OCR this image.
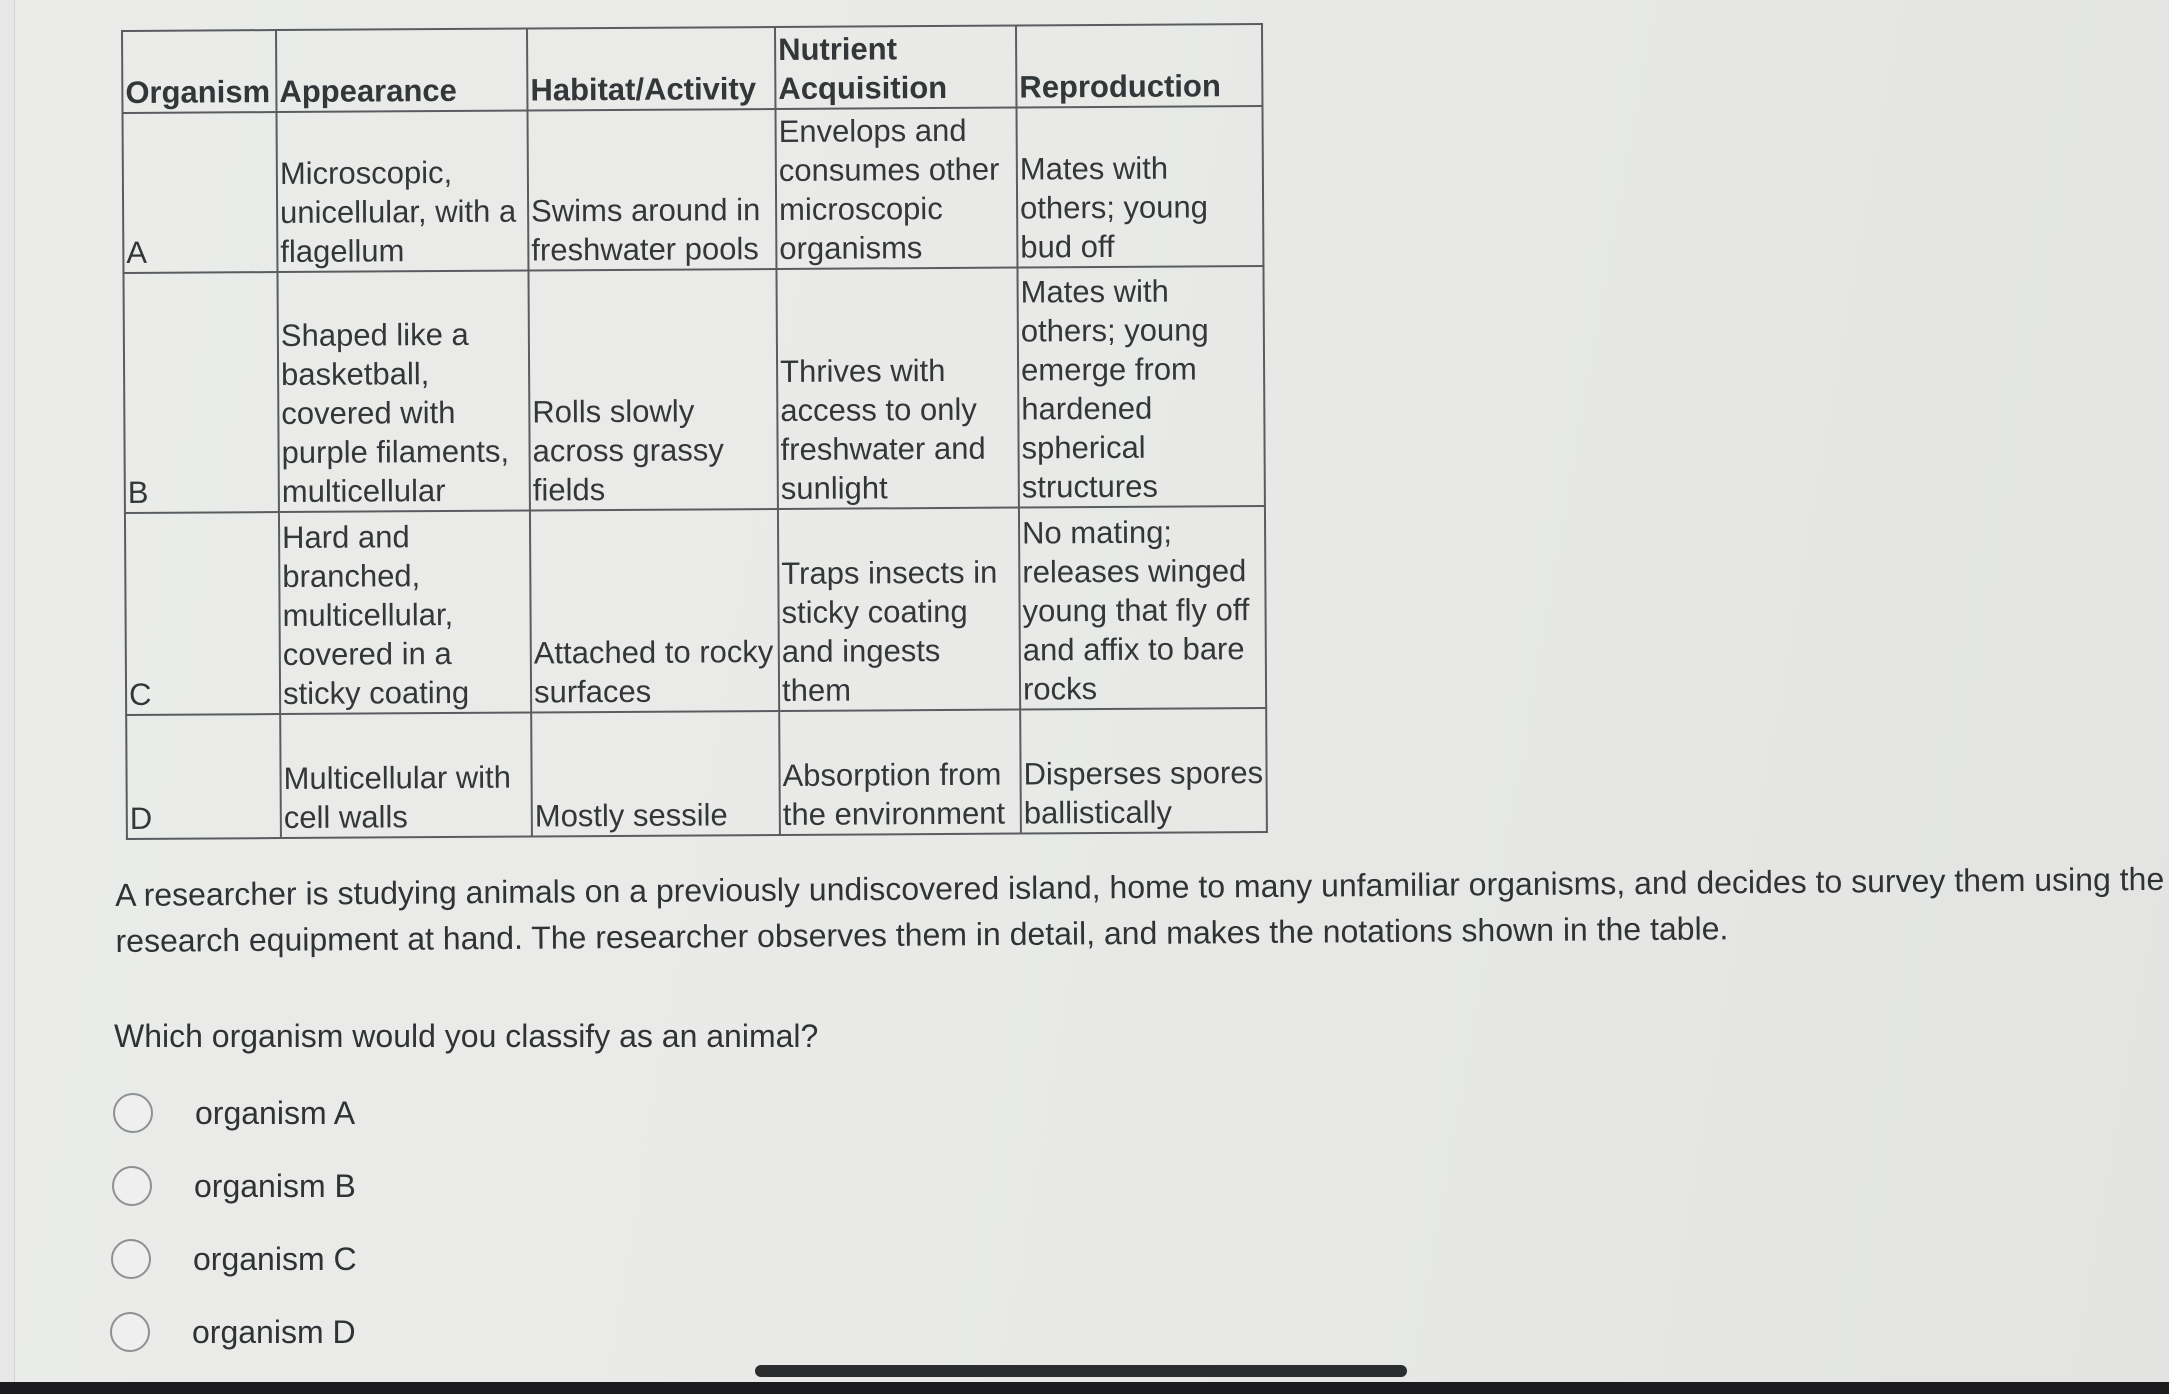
Organism	Appearance	Habitat/Activity	Nutrient Acquisition	Reproduction
A	Microscopic, unicellular, with a flagellum	Swims around in freshwater pools	Envelops and consumes other microscopic organisms	Mates with others; young bud off
B	Shaped like a basketball, covered with purple filaments, multicellular	Rolls slowly across grassy fields	Thrives with access to only freshwater and sunlight	Mates with others; young emerge from hardened spherical structures
C	Hard and branched, multicellular, covered in a sticky coating	Attached to rocky surfaces	Traps insects in sticky coating and ingests them	No mating; releases winged young that fly off and affix to bare rocks
D	Multicellular with cell walls	Mostly sessile	Absorption from the environment	Disperses spores ballistically
A researcher is studying animals on a previously undiscovered island, home to many unfamiliar organisms, and decides to survey them using the research equipment at hand. The researcher observes them in detail, and makes the notations shown in the table.
Which organism would you classify as an animal?
organism A
organism B
organism C
organism D
